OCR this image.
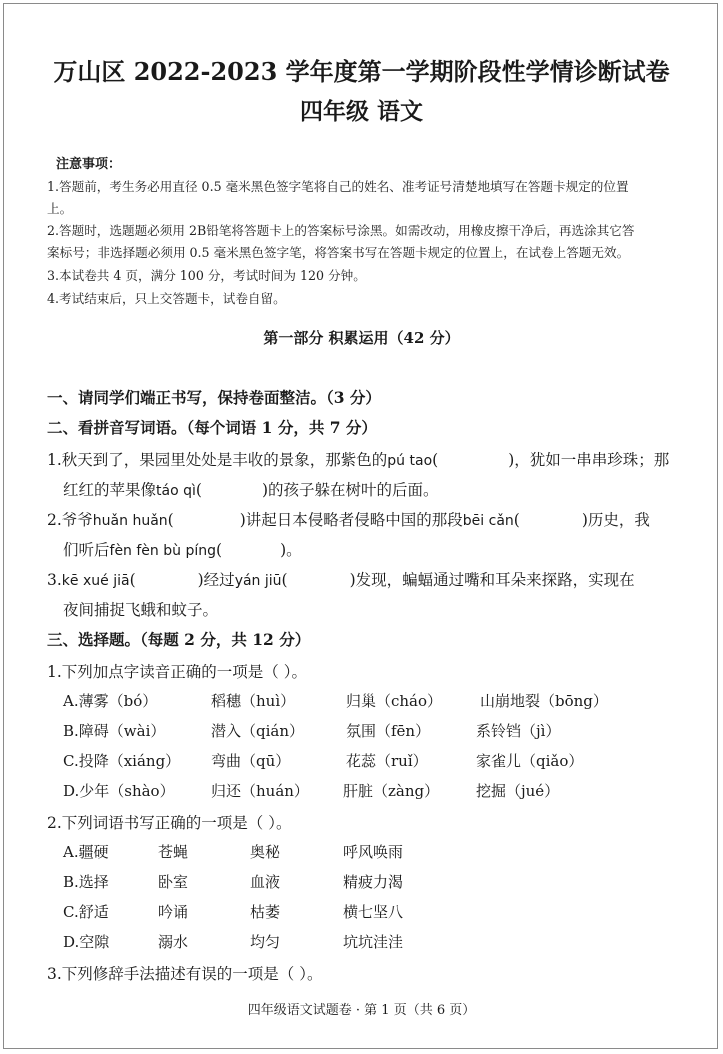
万山区 2022-2023 学年度第一学期阶段性学情诊断试卷
四年级 语文
注意事项：
1.答题前，考生务必用直径 0.5 毫米黑色签字笔将自己的姓名、准考证号清楚地填写在答题卡规定的位置
上。
2.答题时，选题题必须用 2B铅笔将答题卡上的答案标号涂黑。如需改动，用橡皮擦干净后，再选涂其它答
案标号；非选择题必须用 0.5 毫米黑色签字笔，将答案书写在答题卡规定的位置上，在试卷上答题无效。
3.本试卷共 4 页，满分 100 分，考试时间为 120 分钟。
4.考试结束后，只上交答题卡，试卷自留。
第一部分 积累运用（42 分）
一、请同学们端正书写，保持卷面整洁。（3 分）
二、看拼音写词语。（每个词语 1 分，共 7 分）
1.秋天到了，果园里处处是丰收的景象，那紫色的pú tao(	)，犹如一串串珍珠；那
红红的苹果像táo qì(	)的孩子躲在树叶的后面。
2.爷爷huǎn huǎn(	)讲起日本侵略者侵略中国的那段bēi cǎn(	)历史，我
们听后fèn fèn bù píng(	)。
3.kē xué jiā(	)经过yán jiū(	)发现，蝙蝠通过嘴和耳朵来探路，实现在
夜间捕捉飞蛾和蚊子。
三、选择题。（每题 2 分，共 12 分）
1.下列加点字读音正确的一项是（ ）。
A.薄雾（bó）	稻穗（huì）	归巢（cháo）	山崩地裂（bōng）
B.障碍（wài）	潜入（qián）	氛围（fēn）	系铃铛（jì）
C.投降（xiáng） 弯曲（qū）	花蕊（ruǐ）	家雀儿（qiǎo）
D.少年（shào） 归还（huán） 肝脏（zàng） 挖掘（jué）
2.下列词语书写正确的一项是（ ）。
A.疆硬	苍蝇	奥秘	呼风唤雨
B.选择	卧室	血液	精疲力渴
C.舒适	吟诵	枯萎	横七坚八
D.空隙	溺水	均匀	坑坑洼洼
3.下列修辞手法描述有误的一项是（ ）。
四年级语文试题卷 · 第 1 页（共 6 页）
